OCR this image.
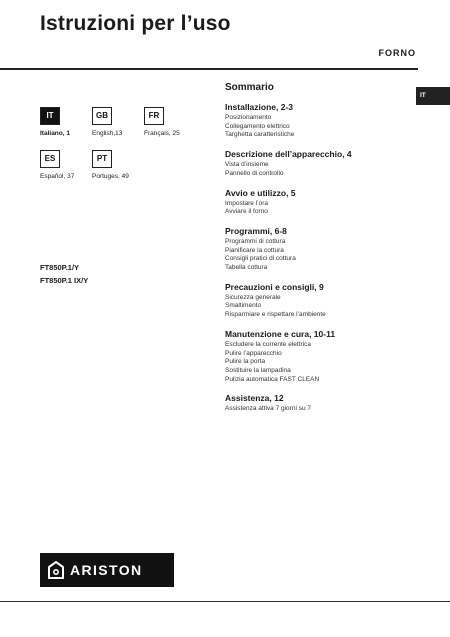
Istruzioni per l’uso
FORNO
IT
IT
Italiano, 1
GB
English,13
FR
Français, 25
ES
Español, 37
PT
Portuges, 49
FT850P.1/Y
FT850P.1 IX/Y
Sommario
Installazione, 2-3
Posizionamento
Collegamento elettrico
Targhetta caratteristiche
Descrizione dell’apparecchio, 4
Vista d’insieme
Pannello di controllo
Avvio e utilizzo, 5
Impostare l’ora
Avviare il forno
Programmi, 6-8
Programmi di cottura
Pianificare la cottura
Consigli pratici di cottura
Tabella cottura
Precauzioni e consigli, 9
Sicurezza generale
Smaltimento
Risparmiare e rispettare l’ambiente
Manutenzione e cura, 10-11
Escludere la corrente elettrica
Pulire l’apparecchio
Pulire la porta
Sostituire la lampadina
Pulizia automatica FAST CLEAN
Assistenza, 12
Assistenza attiva 7 giorni su 7
ARISTON
